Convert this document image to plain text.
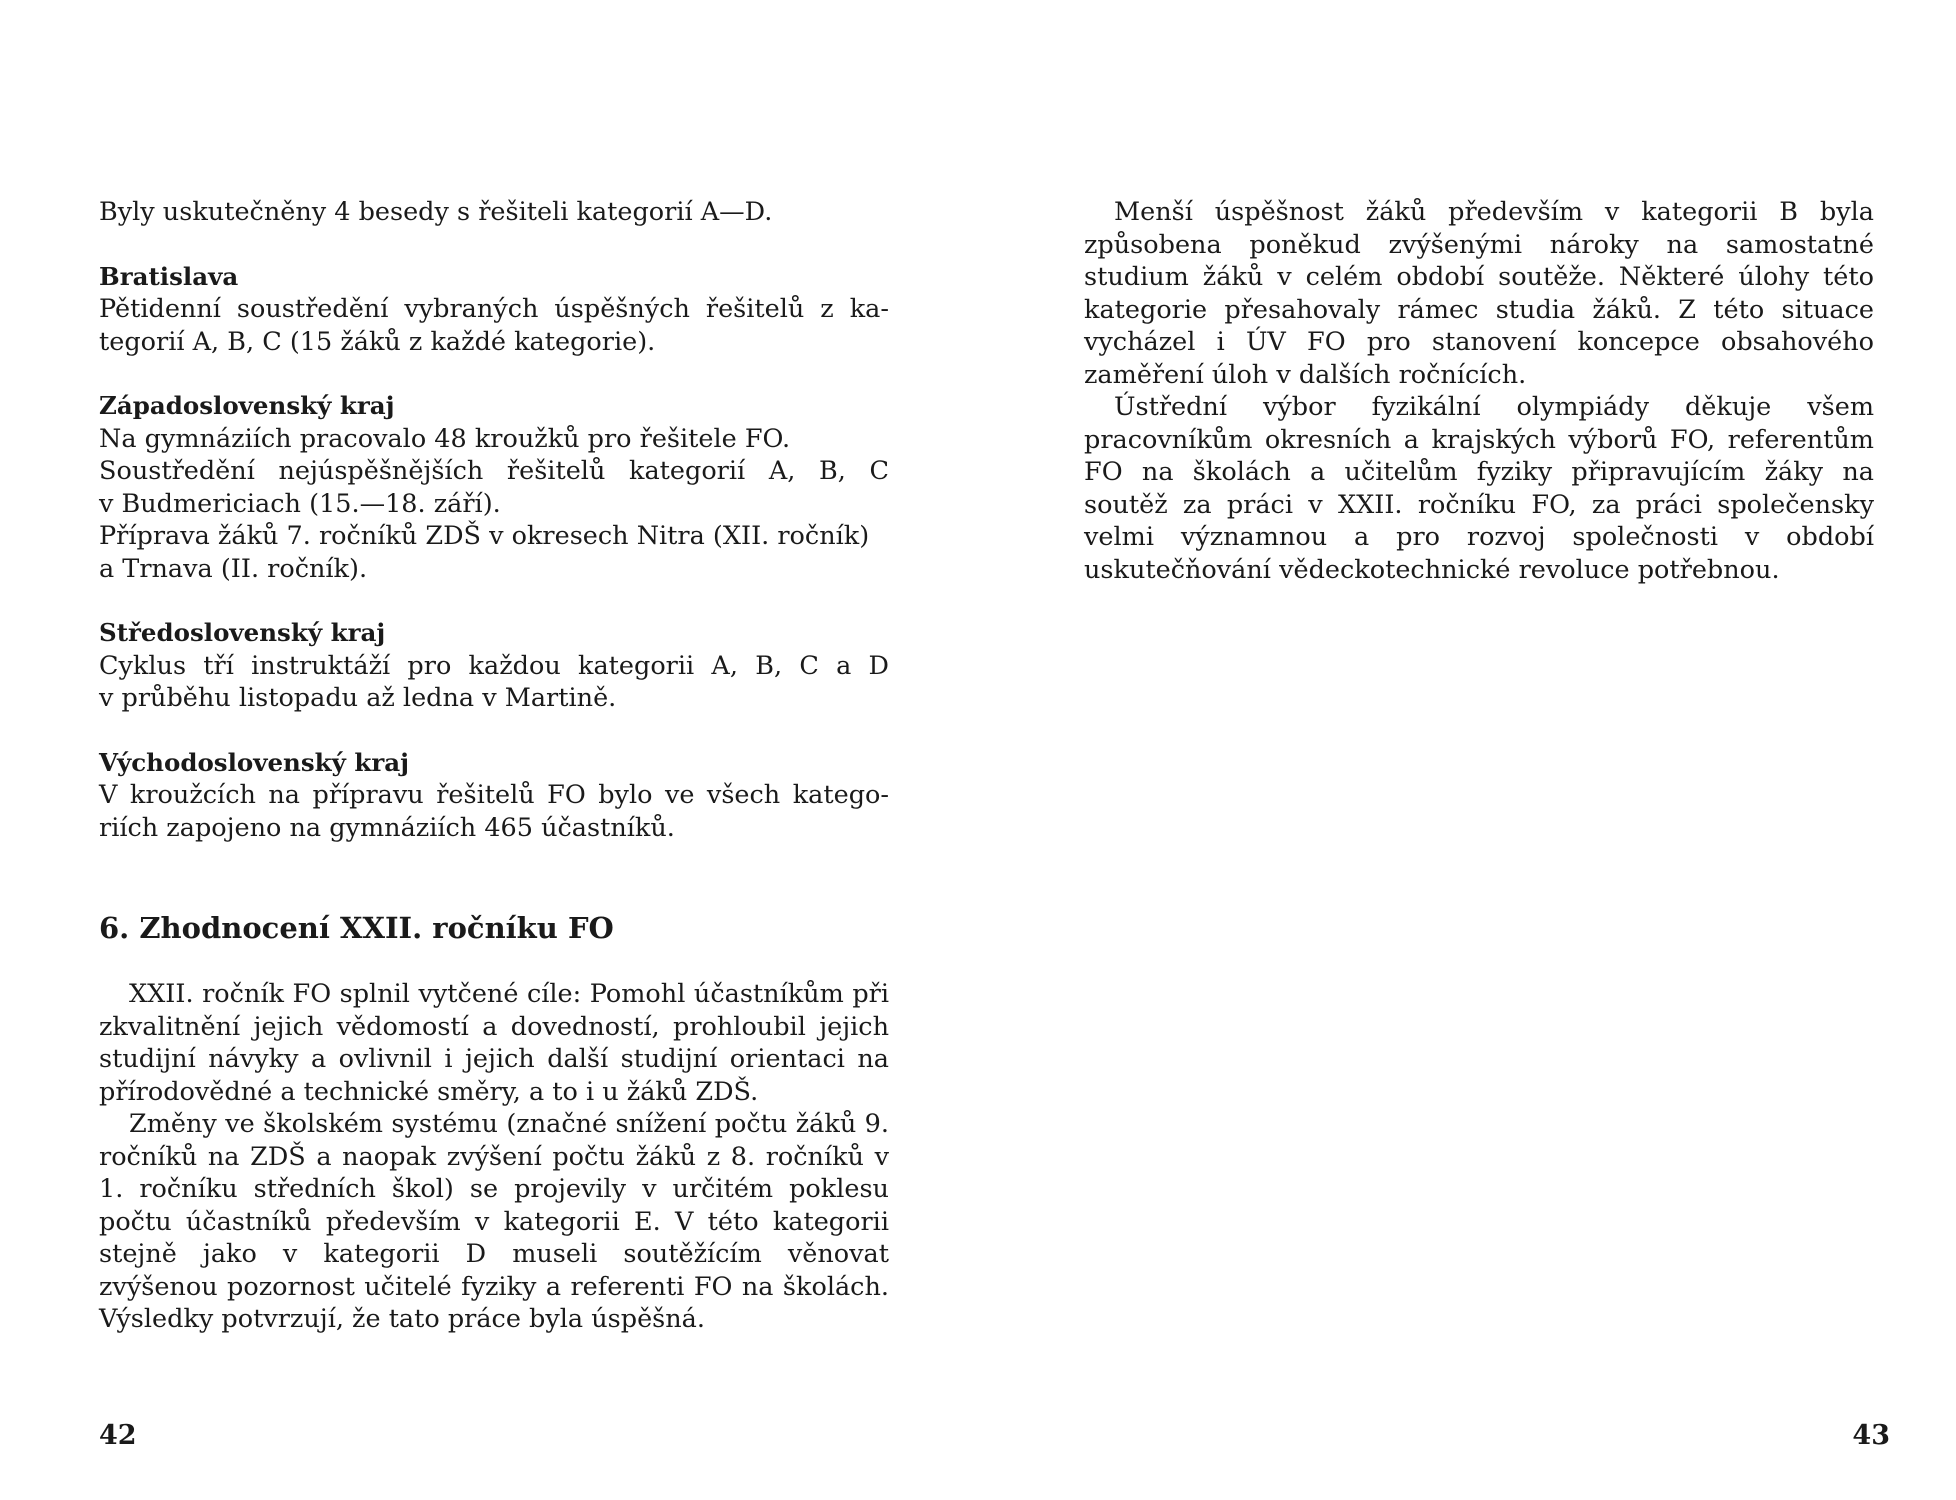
Byly uskutečněny 4 besedy s řešiteli kategorií A—D.

Bratislava
Pětidenní soustředění vybraných úspěšných řešitelů z ka-
tegorií A, B, C (15 žáků z každé kategorie).
Západoslovenský kraj
Na gymnáziích pracovalo 48 kroužků pro řešitele FO.
Soustředění nejúspěšnějších řešitelů kategorií A, B, C
v Budmericiach (15.—18. září).
Příprava žáků 7. ročníků ZDŠ v okresech Nitra (XII. ročník)
a Trnava (II. ročník).
Středoslovenský kraj
Cyklus tří instruktáží pro každou kategorii A, B, C a D
v průběhu listopadu až ledna v Martině.
Východoslovenský kraj
V kroužcích na přípravu řešitelů FO bylo ve všech katego-
riích zapojeno na gymnáziích 465 účastníků.
6. Zhodnocení XXII. ročníku FO

XXII. ročník FO splnil vytčené cíle: Pomohl účastníkům při zkvalitnění jejich vědomostí a dovedností, prohloubil jejich studijní návyky a ovlivnil i jejich další studijní orientaci na přírodovědné a technické směry, a to i u žáků ZDŠ.

Změny ve školském systému (značné snížení počtu žáků 9. ročníků na ZDŠ a naopak zvýšení počtu žáků z 8. ročníků v 1. ročníku středních škol) se projevily v určitém poklesu počtu účastníků především v kategorii E. V této kategorii stejně jako v kategorii D museli soutěžícím věnovat zvýšenou pozornost učitelé fyziky a referenti FO na školách. Výsledky potvrzují, že tato práce byla úspěšná.

42

Menší úspěšnost žáků především v kategorii B byla způsobena poněkud zvýšenými nároky na samostatné studium žáků v celém období soutěže. Některé úlohy této kategorie přesahovaly rámec studia žáků. Z této situace vycházel i ÚV FO pro stanovení koncepce obsahového zaměření úloh v dalších ročnících.

Ústřední výbor fyzikální olympiády děkuje všem pracovníkům okresních a krajských výborů FO, referentům FO na školách a učitelům fyziky připravujícím žáky na soutěž za práci v XXII. ročníku FO, za práci společensky velmi významnou a pro rozvoj společnosti v období uskutečňování vědeckotechnické revoluce potřebnou.

43
